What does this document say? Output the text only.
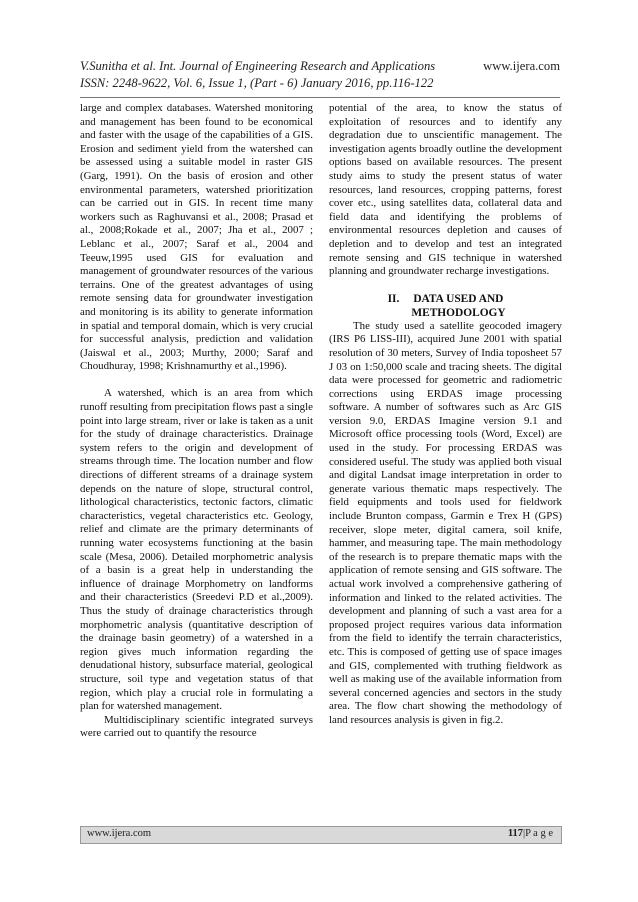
V.Sunitha et al. Int. Journal of Engineering Research and Applications
ISSN: 2248-9622, Vol. 6, Issue 1, (Part - 6) January 2016, pp.116-122
www.ijera.com

large and complex databases. Watershed monitoring and management has been found to be economical and faster with the usage of the capabilities of a GIS. Erosion and sediment yield from the watershed can be assessed using a suitable model in raster GIS (Garg, 1991). On the basis of erosion and other environmental parameters, watershed prioritization can be carried out in GIS. In recent time many workers such as Raghuvansi et al., 2008; Prasad et al., 2008;Rokade et al., 2007; Jha et al., 2007 ; Leblanc et al., 2007; Saraf et al., 2004 and Teeuw,1995 used GIS for evaluation and management of groundwater resources of the various terrains. One of the greatest advantages of using remote sensing data for groundwater investigation and monitoring is its ability to generate information in spatial and temporal domain, which is very crucial for successful analysis, prediction and validation (Jaiswal et al., 2003; Murthy, 2000; Saraf and Choudhuray, 1998; Krishnamurthy et al.,1996).

A watershed, which is an area from which runoff resulting from precipitation flows past a single point into large stream, river or lake is taken as a unit for the study of drainage characteristics. Drainage system refers to the origin and development of streams through time. The location number and flow directions of different streams of a drainage system depends on the nature of slope, structural control, lithological characteristics, tectonic factors, climatic characteristics, vegetal characteristics etc. Geology, relief and climate are the primary determinants of running water ecosystems functioning at the basin scale (Mesa, 2006). Detailed morphometric analysis of a basin is a great help in understanding the influence of drainage Morphometry on landforms and their characteristics (Sreedevi P.D et al.,2009). Thus the study of drainage characteristics through morphometric analysis (quantitative description of the drainage basin geometry) of a watershed in a region gives much information regarding the denudational history, subsurface material, geological structure, soil type and vegetation status of that region, which play a crucial role in formulating a plan for watershed management.

Multidisciplinary scientific integrated surveys were carried out to quantify the resource

potential of the area, to know the status of exploitation of resources and to identify any degradation due to unscientific management. The investigation agents broadly outline the development options based on available resources. The present study aims to study the present status of water resources, land resources, cropping patterns, forest cover etc., using satellites data, collateral data and field data and identifying the problems of environmental resources depletion and causes of depletion and to develop and test an integrated remote sensing and GIS technique in watershed planning and groundwater recharge investigations.

II. DATA USED AND
METHODOLOGY

The study used a satellite geocoded imagery (IRS P6 LISS-III), acquired June 2001 with spatial resolution of 30 meters, Survey of India toposheet 57 J 03 on 1:50,000 scale and tracing sheets. The digital data were processed for geometric and radiometric corrections using ERDAS image processing software. A number of softwares such as Arc GIS version 9.0, ERDAS Imagine version 9.1 and Microsoft office processing tools (Word, Excel) are used in the study. For processing ERDAS was considered useful. The study was applied both visual and digital Landsat image interpretation in order to generate various thematic maps respectively. The field equipments and tools used for fieldwork include Brunton compass, Garmin e Trex H (GPS) receiver, slope meter, digital camera, soil knife, hammer, and measuring tape. The main methodology of the research is to prepare thematic maps with the application of remote sensing and GIS software. The actual work involved a comprehensive gathering of information and linked to the related activities. The development and planning of such a vast area for a proposed project requires various data information from the field to identify the terrain characteristics, etc. This is composed of getting use of space images and GIS, complemented with truthing fieldwork as well as making use of the available information from several concerned agencies and sectors in the study area. The flow chart showing the methodology of land resources analysis is given in fig.2.

www.ijera.com	117|P a g e
